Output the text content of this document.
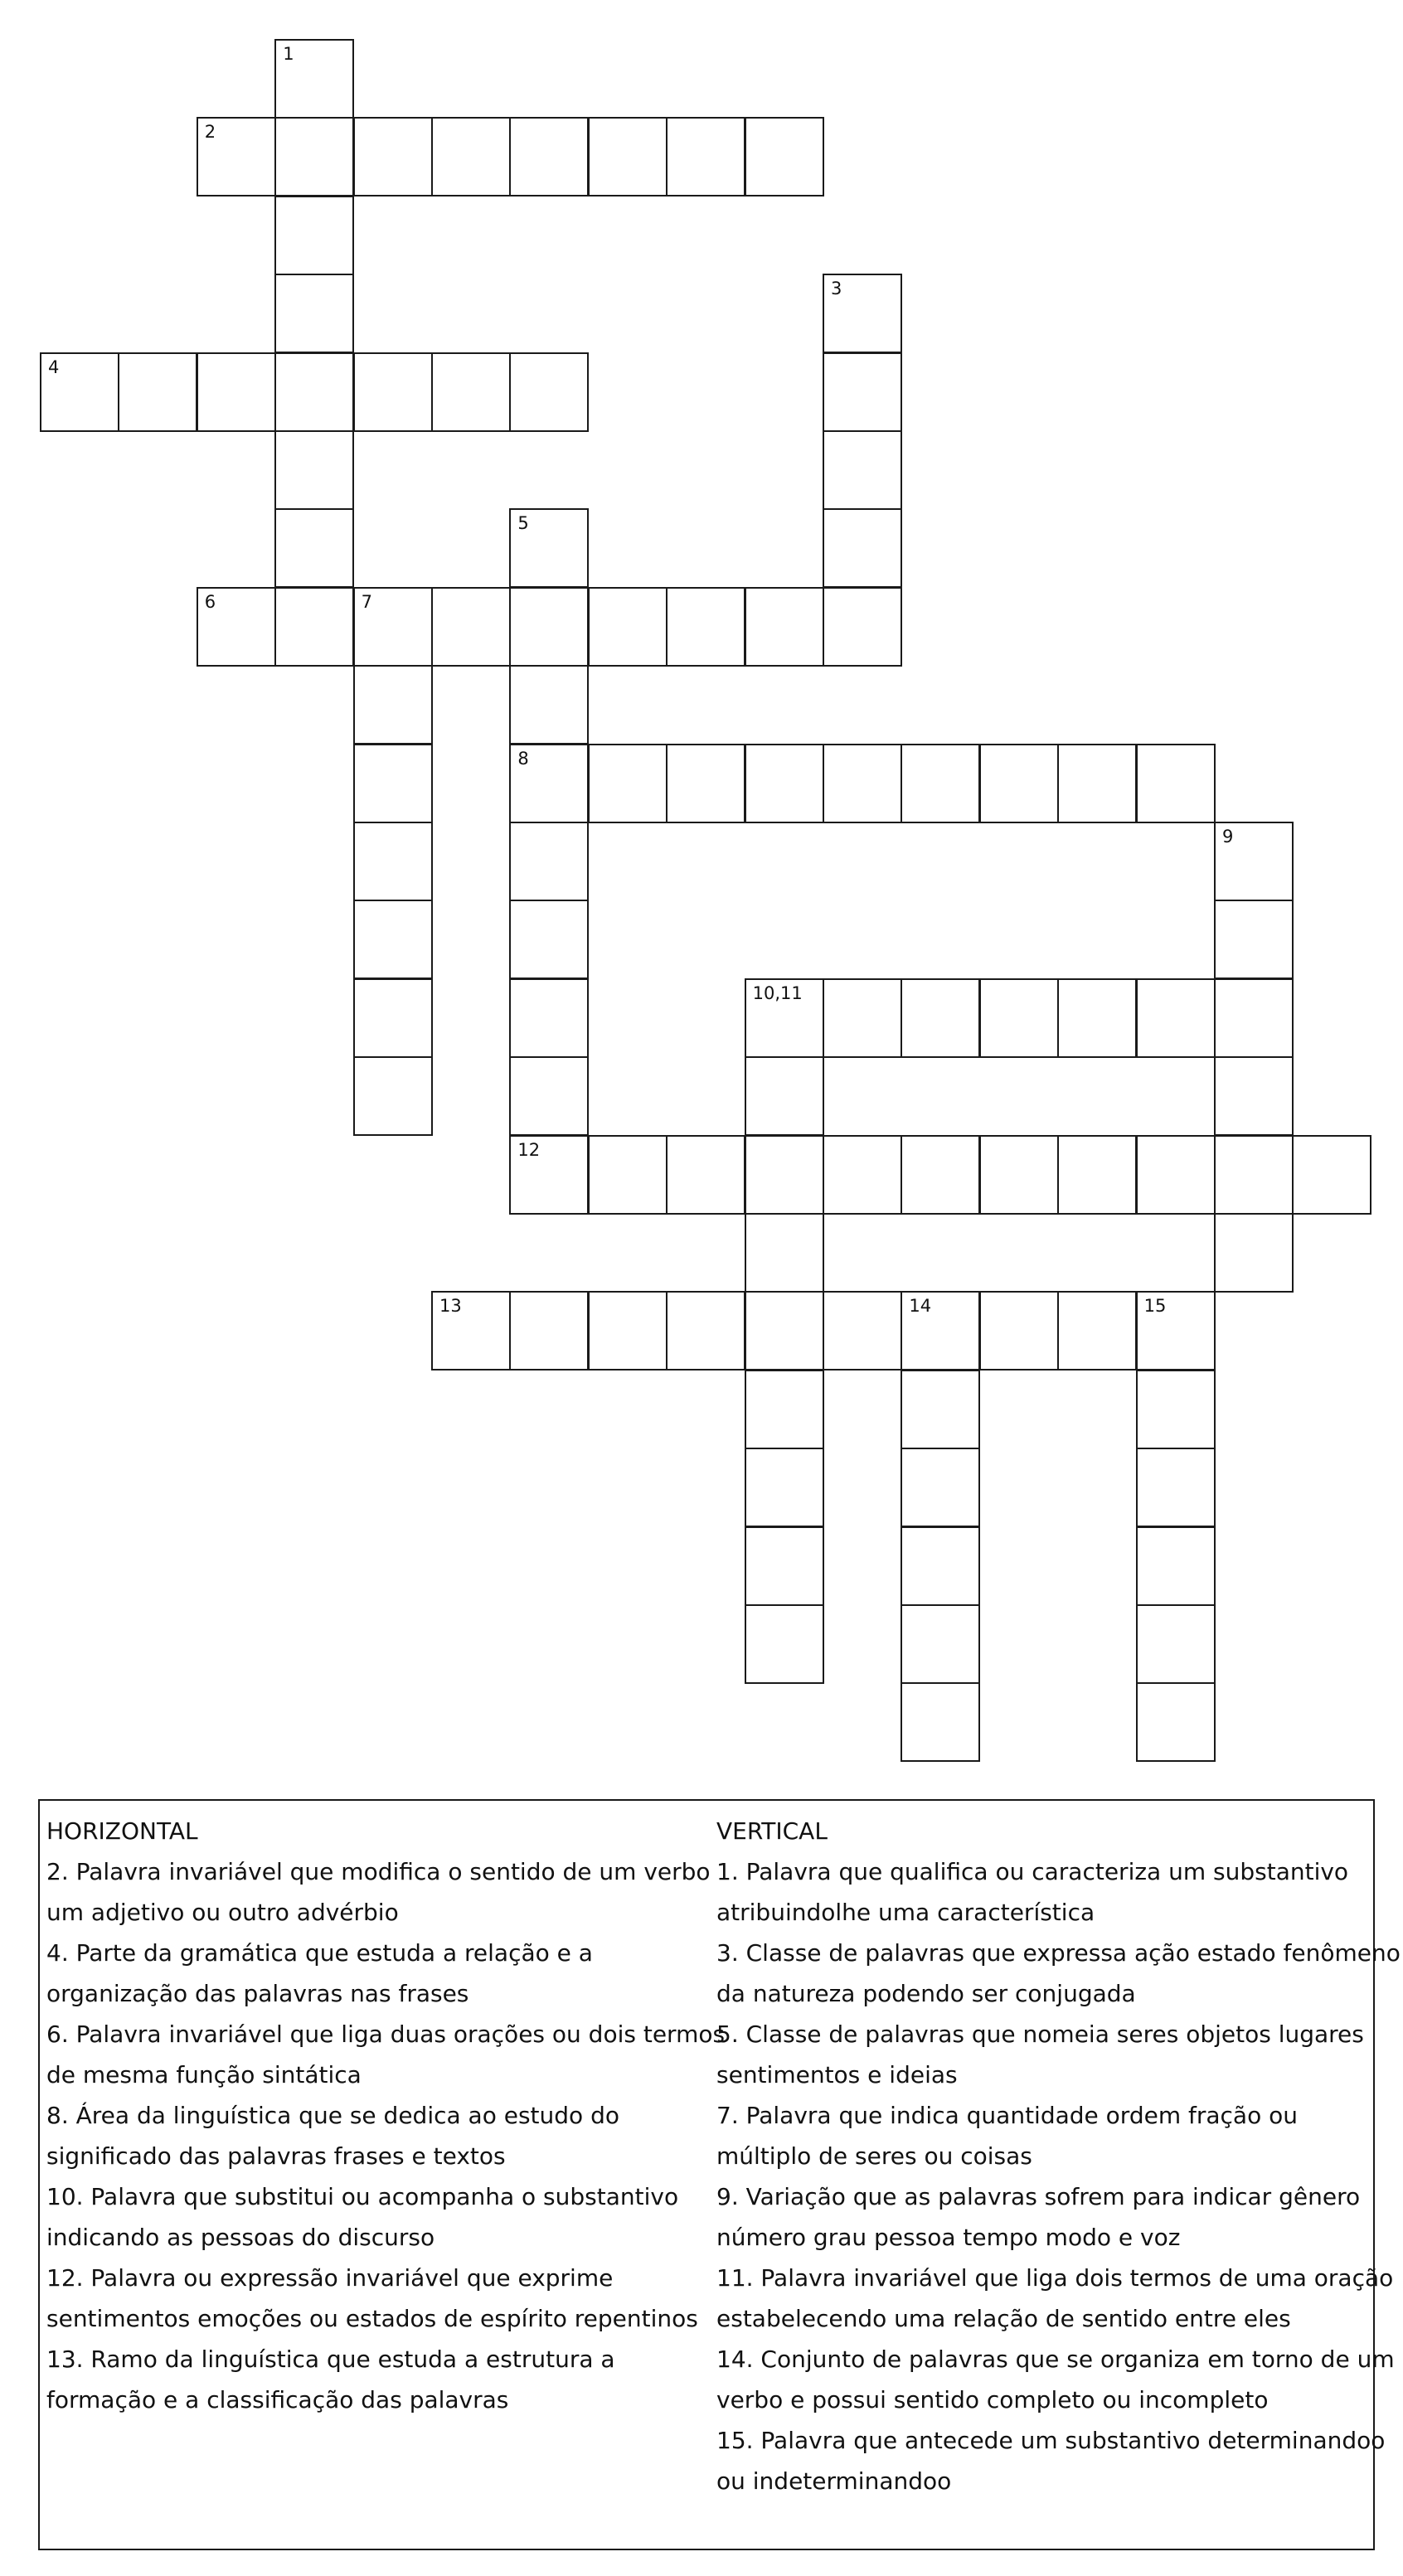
1
2
3
4
5
8
12
6	7
9
10,11
13	14	15
HORIZONTAL
2. Palavra invariável que modifica o sentido de um verbo
um adjetivo ou outro advérbio
4. Parte da gramática que estuda a relação e a
organização das palavras nas frases
6. Palavra invariável que liga duas orações ou dois termos
de mesma função sintática
8. Área da linguística que se dedica ao estudo do
significado das palavras frases e textos
10. Palavra que substitui ou acompanha o substantivo
indicando as pessoas do discurso
12. Palavra ou expressão invariável que exprime
sentimentos emoções ou estados de espírito repentinos
13. Ramo da linguística que estuda a estrutura a
formação e a classificação das palavras
VERTICAL
1. Palavra que qualifica ou caracteriza um substantivo
atribuindolhe uma característica
3. Classe de palavras que expressa ação estado fenômeno
da natureza podendo ser conjugada
5. Classe de palavras que nomeia seres objetos lugares
sentimentos e ideias
7. Palavra que indica quantidade ordem fração ou
múltiplo de seres ou coisas
9. Variação que as palavras sofrem para indicar gênero
número grau pessoa tempo modo e voz
11. Palavra invariável que liga dois termos de uma oração
estabelecendo uma relação de sentido entre eles
14. Conjunto de palavras que se organiza em torno de um
verbo e possui sentido completo ou incompleto
15. Palavra que antecede um substantivo determinandoo
ou indeterminandoo
